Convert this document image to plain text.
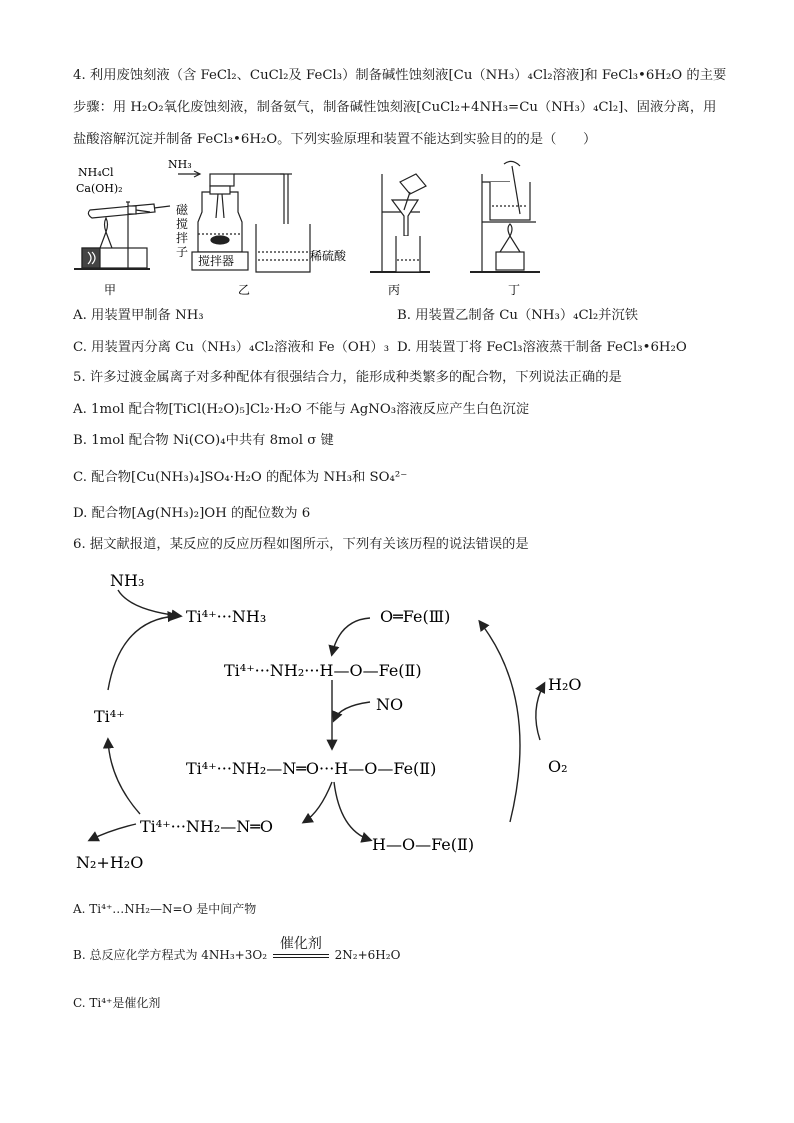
4. 利用废蚀刻液（含 FeCl₂、CuCl₂及 FeCl₃）制备碱性蚀刻液[Cu（NH₃）₄Cl₂溶液]和 FeCl₃•6H₂O 的主要
步骤：用 H₂O₂氧化废蚀刻液，制备氨气，制备碱性蚀刻液[CuCl₂+4NH₃=Cu（NH₃）₄Cl₂]、固液分离，用
盐酸溶解沉淀并制备 FeCl₃•6H₂O。下列实验原理和装置不能达到实验目的的是（　　）
NH₄Cl
Ca(OH)₂
NH₃
磁
搅
拌
子
搅拌器	稀硫酸
甲	乙	丙	丁
A. 用装置甲制备 NH₃	B. 用装置乙制备 Cu（NH₃）₄Cl₂并沉铁
C. 用装置丙分离 Cu（NH₃）₄Cl₂溶液和 Fe（OH）₃ D. 用装置丁将 FeCl₃溶液蒸干制备 FeCl₃•6H₂O
5. 许多过渡金属离子对多种配体有很强结合力，能形成种类繁多的配合物，下列说法正确的是
A. 1mol 配合物[TiCl(H₂O)₅]Cl₂·H₂O 不能与 AgNO₃溶液反应产生白色沉淀
B. 1mol 配合物 Ni(CO)₄中共有 8mol σ 键
C. 配合物[Cu(NH₃)₄]SO₄·H₂O 的配体为 NH₃和 SO₄²⁻
D. 配合物[Ag(NH₃)₂]OH 的配位数为 6
6. 据文献报道，某反应的反应历程如图所示，下列有关该历程的说法错误的是
NH₃
Ti⁴⁺···NH₃	O═Fe(Ⅲ)
Ti⁴⁺···NH₂···H—O—Fe(Ⅱ)
NO
H₂O
Ti⁴⁺
Ti⁴⁺···NH₂—N═O···H—O—Fe(Ⅱ)	O₂
Ti⁴⁺···NH₂—N═O
H—O—Fe(Ⅱ)
N₂+H₂O
A. Ti⁴⁺…NH₂—N=O 是中间产物
B. 总反应化学方程式为 4NH₃+3O₂
催化剂
2N₂+6H₂O
C. Ti⁴⁺是催化剂
